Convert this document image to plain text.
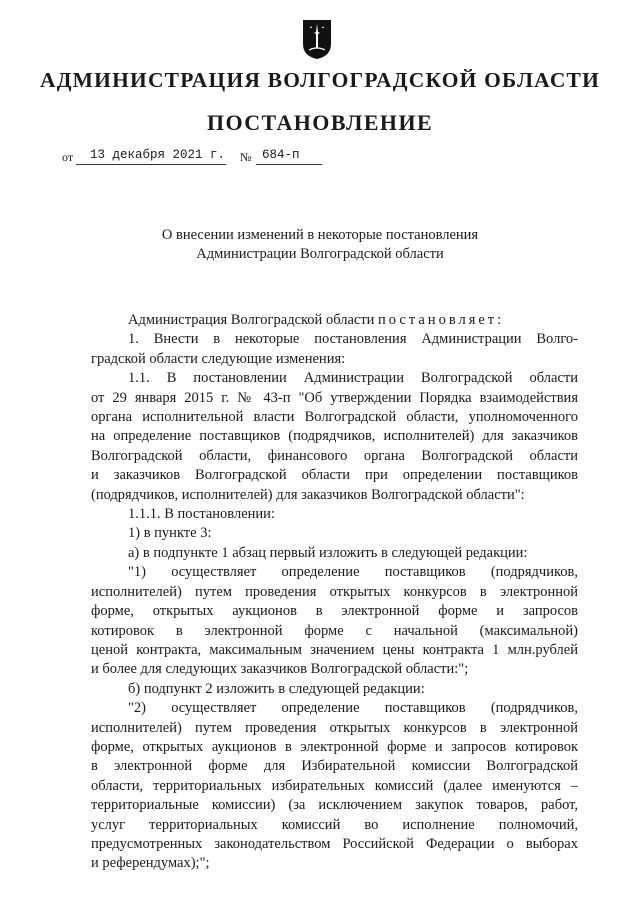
АДМИНИСТРАЦИЯ ВОЛГОГРАДСКОЙ ОБЛАСТИ
ПОСТАНОВЛЕНИЕ
от 13 декабря 2021 г. № 684-п
О внесении изменений в некоторые постановления
Администрации Волгоградской области

Администрация Волгоградской области постановляет:

1. Внести в некоторые постановления Администрации Волго-

градской области следующие изменения:

1.1. В постановлении Администрации Волгоградской области

от 29 января 2015 г. № 43-п "Об утверждении Порядка взаимодействия

органа исполнительной власти Волгоградской области, уполномоченного

на определение поставщиков (подрядчиков, исполнителей) для заказчиков

Волгоградской области, финансового органа Волгоградской области

и заказчиков Волгоградской области при определении поставщиков

(подрядчиков, исполнителей) для заказчиков Волгоградской области":

1.1.1. В постановлении:

1) в пункте 3:

а) в подпункте 1 абзац первый изложить в следующей редакции:

"1) осуществляет определение поставщиков (подрядчиков,

исполнителей) путем проведения открытых конкурсов в электронной

форме, открытых аукционов в электронной форме и запросов

котировок в электронной форме с начальной (максимальной)

ценой контракта, максимальным значением цены контракта 1 млн.рублей

и более для следующих заказчиков Волгоградской области:";

б) подпункт 2 изложить в следующей редакции:

"2) осуществляет определение поставщиков (подрядчиков,

исполнителей) путем проведения открытых конкурсов в электронной

форме, открытых аукционов в электронной форме и запросов котировок

в электронной форме для Избирательной комиссии Волгоградской

области, территориальных избирательных комиссий (далее именуются –

территориальные комиссии) (за исключением закупок товаров, работ,

услуг территориальных комиссий во исполнение полномочий,

предусмотренных законодательством Российской Федерации о выборах

и референдумах);";
